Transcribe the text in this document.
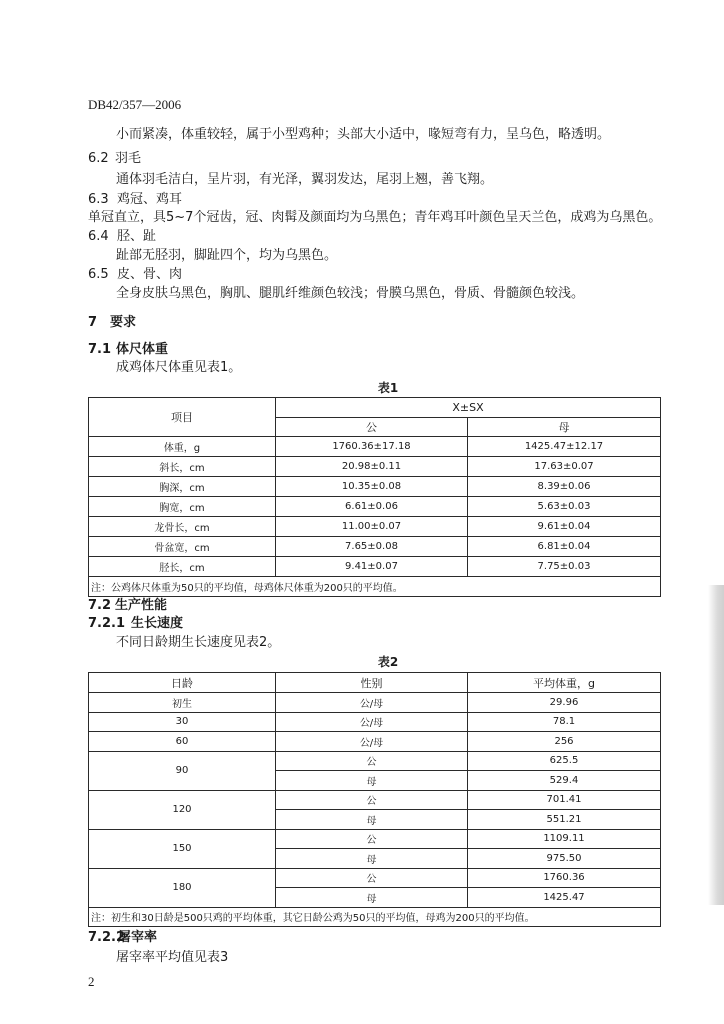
DB42/357—2006
小而紧凑，体重较轻，属于小型鸡种；头部大小适中，喙短弯有力，呈乌色，略透明。
6.2 羽毛
通体羽毛洁白，呈片羽，有光泽，翼羽发达，尾羽上翘，善飞翔。
6.3 鸡冠、鸡耳
单冠直立，具5~7个冠齿，冠、肉髯及颜面均为乌黑色；青年鸡耳叶颜色呈天兰色，成鸡为乌黑色。
6.4 胫、趾
趾部无胫羽，脚趾四个，均为乌黑色。
6.5 皮、骨、肉
全身皮肤乌黑色，胸肌、腿肌纤维颜色较浅；骨膜乌黑色，骨质、骨髓颜色较浅。
7 要求
7.1 体尺体重
成鸡体尺体重见表1。
表1
项目	X±SX	
	公	母
体重，g	1760.36±17.18	1425.47±12.17
斜长，cm	20.98±0.11	17.63±0.07
胸深，cm	10.35±0.08	8.39±0.06
胸宽，cm	6.61±0.06	5.63±0.03
龙骨长，cm	11.00±0.07	9.61±0.04
骨盆宽，cm	7.65±0.08	6.81±0.04
胫长，cm	9.41±0.07	7.75±0.03
注：公鸡体尺体重为50只的平均值，母鸡体尺体重为200只的平均值。		
7.2 生产性能
7.2.1 生长速度
不同日龄期生长速度见表2。
表2
日龄	性别	平均体重，g
初生	公/母	29.96
30	公/母	78.1
60	公/母	256
90	公	625.5
	母	529.4
120	公	701.41
	母	551.21
150	公	1109.11
	母	975.50
180	公	1760.36
	母	1425.47
注：初生和30日龄是500只鸡的平均体重，其它日龄公鸡为50只的平均值，母鸡为200只的平均值。		
7.2.2屠宰率
屠宰率平均值见表3
2
